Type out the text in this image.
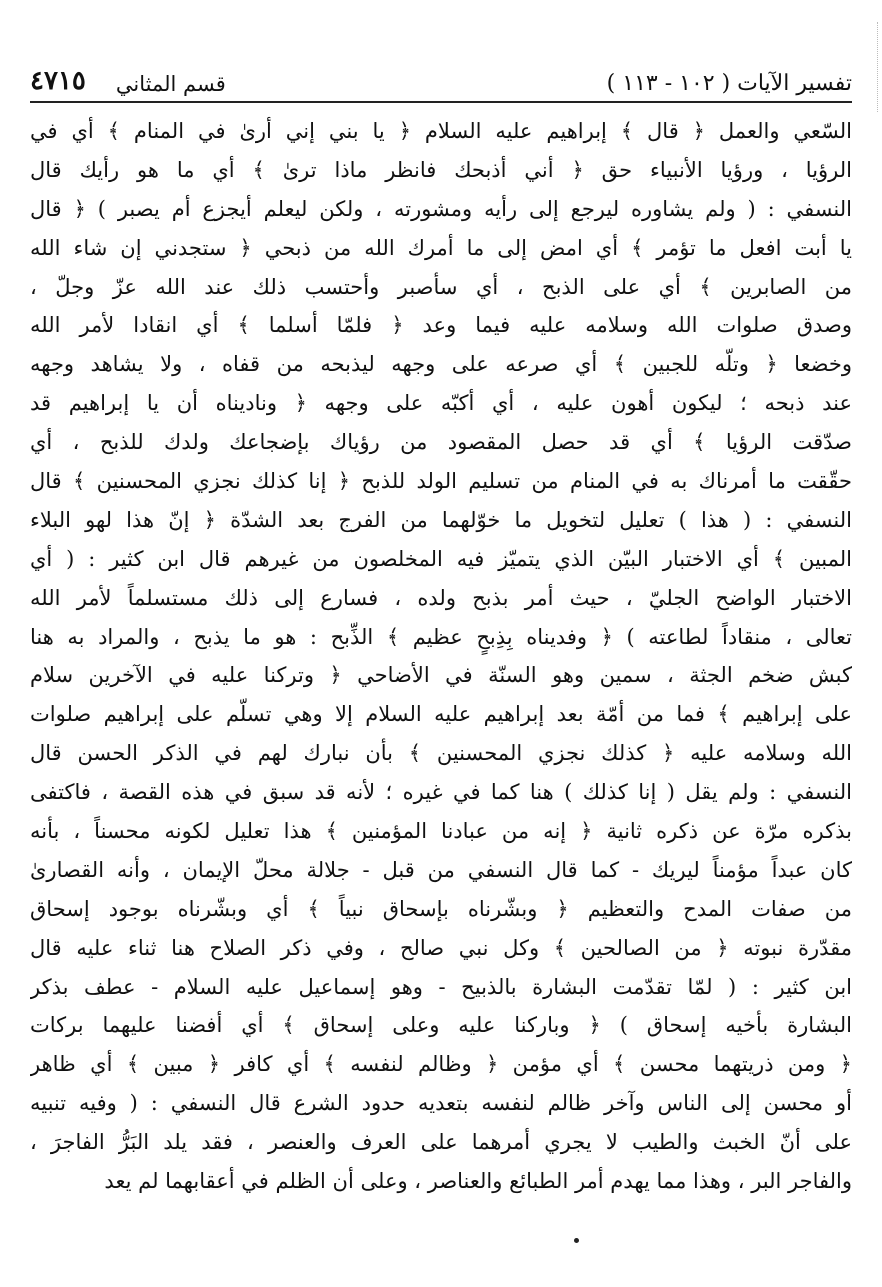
تفسير الآيات ( ١٠٢ - ١١٣ )
قسم المثاني
٤٧١٥
السّعي والعمل ﴿ قال ﴾ إبراهيم عليه السلام ﴿ يا بني إني أرىٰ في المنام ﴾ أي في
الرؤيا ، ورؤيا الأنبياء حق ﴿ أني أذبحك فانظر ماذا ترىٰ ﴾ أي ما هو رأيك قال
النسفي : ( ولم يشاوره ليرجع إلى رأيه ومشورته ، ولكن ليعلم أيجزع أم يصبر ) ﴿ قال
يا أبت افعل ما تؤمر ﴾ أي امض إلى ما أمرك الله من ذبحي ﴿ ستجدني إن شاء الله
من الصابرين ﴾ أي على الذبح ، أي سأصبر وأحتسب ذلك عند الله عزّ وجلّ ،
وصدق صلوات الله وسلامه عليه فيما وعد ﴿ فلمّا أسلما ﴾ أي انقادا لأمر الله
وخضعا ﴿ وتلّه للجبين ﴾ أي صرعه على وجهه ليذبحه من قفاه ، ولا يشاهد وجهه
عند ذبحه ؛ ليكون أهون عليه ، أي أكبّه على وجهه ﴿ وناديناه أن يا إبراهيم قد
صدّقت الرؤيا ﴾ أي قد حصل المقصود من رؤياك بإضجاعك ولدك للذبح ، أي
حقّقت ما أمرناك به في المنام من تسليم الولد للذبح ﴿ إنا كذلك نجزي المحسنين ﴾ قال
النسفي : ( هذا ) تعليل لتخويل ما خوّلهما من الفرج بعد الشدّة ﴿ إنّ هذا لهو البلاء
المبين ﴾ أي الاختبار البيّن الذي يتميّز فيه المخلصون من غيرهم قال ابن كثير : ( أي
الاختبار الواضح الجليّ ، حيث أمر بذبح ولده ، فسارع إلى ذلك مستسلماً لأمر الله
تعالى ، منقاداً لطاعته ) ﴿ وفديناه بِذِبحٍ عظيم ﴾ الذِّبح : هو ما يذبح ، والمراد به هنا
كبش ضخم الجثة ، سمين وهو السنّة في الأضاحي ﴿ وتركنا عليه في الآخرين سلام
على إبراهيم ﴾ فما من أمّة بعد إبراهيم عليه السلام إلا وهي تسلّم على إبراهيم صلوات
الله وسلامه عليه ﴿ كذلك نجزي المحسنين ﴾ بأن نبارك لهم في الذكر الحسن قال
النسفي : ولم يقل ( إنا كذلك ) هنا كما في غيره ؛ لأنه قد سبق في هذه القصة ، فاكتفى
بذكره مرّة عن ذكره ثانية ﴿ إنه من عبادنا المؤمنين ﴾ هذا تعليل لكونه محسناً ، بأنه
كان عبداً مؤمناً ليريك - كما قال النسفي من قبل - جلالة محلّ الإيمان ، وأنه القصارىٰ
من صفات المدح والتعظيم ﴿ وبشّرناه بإسحاق نبياً ﴾ أي وبشّرناه بوجود إسحاق
مقدّرة نبوته ﴿ من الصالحين ﴾ وكل نبي صالح ، وفي ذكر الصلاح هنا ثناء عليه قال
ابن كثير : ( لمّا تقدّمت البشارة بالذبيح - وهو إسماعيل عليه السلام - عطف بذكر
البشارة بأخيه إسحاق ) ﴿ وباركنا عليه وعلى إسحاق ﴾ أي أفضنا عليهما بركات
﴿ ومن ذريتهما محسن ﴾ أي مؤمن ﴿ وظالم لنفسه ﴾ أي كافر ﴿ مبين ﴾ أي ظاهر
أو محسن إلى الناس وآخر ظالم لنفسه بتعديه حدود الشرع قال النسفي : ( وفيه تنبيه
على أنّ الخبث والطيب لا يجري أمرهما على العرف والعنصر ، فقد يلد البَرُّ الفاجرَ ،
والفاجر البر ، وهذا مما يهدم أمر الطبائع والعناصر ، وعلى أن الظلم في أعقابهما لم يعد
